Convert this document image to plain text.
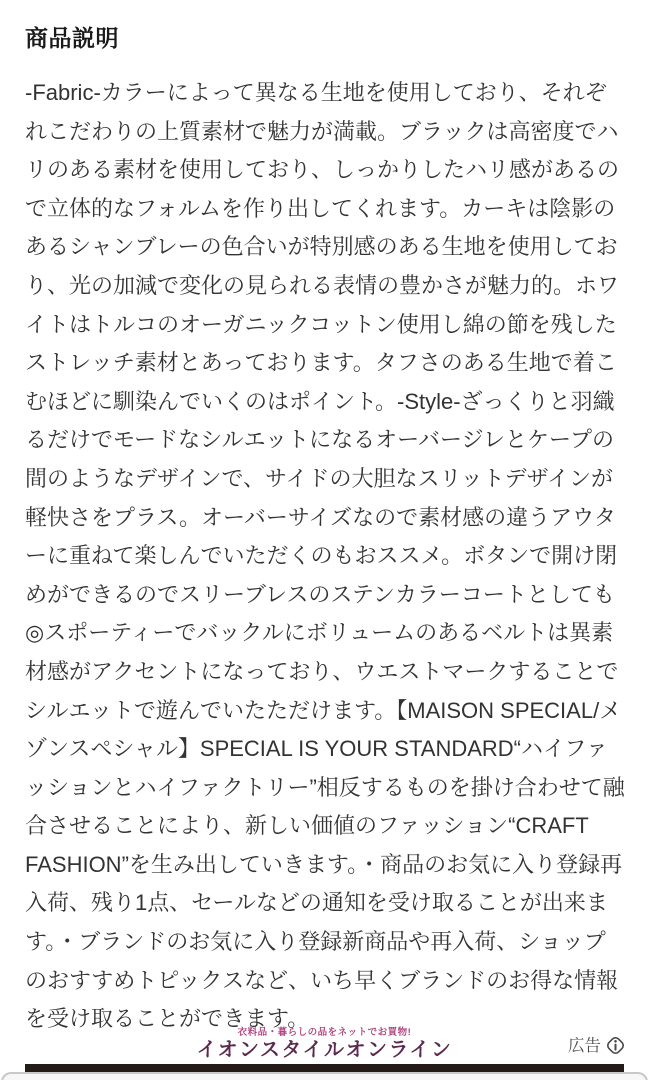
商品説明

-Fabric-カラーによって異なる生地を使用しており、それぞれこだわりの上質素材で魅力が満載。ブラックは高密度でハリのある素材を使用しており、しっかりしたハリ感があるので立体的なフォルムを作り出してくれます。カーキは陰影のあるシャンブレーの色合いが特別感のある生地を使用しており、光の加減で変化の見られる表情の豊かさが魅力的。ホワイトはトルコのオーガニックコットン使用し綿の節を残したストレッチ素材とあっております。タフさのある生地で着こむほどに馴染んでいくのはポイント。-Style-ざっくりと羽織るだけでモードなシルエットになるオーバージレとケープの間のようなデザインで、サイドの大胆なスリットデザインが軽快さをプラス。オーバーサイズなので素材感の違うアウターに重ねて楽しんでいただくのもおススメ。ボタンで開け閉めができるのでスリーブレスのステンカラーコートとしても◎スポーティーでバックルにボリュームのあるベルトは異素材感がアクセントになっており、ウエストマークすることでシルエットで遊んでいたただけます。【MAISON SPECIAL/メゾンスペシャル】SPECIAL IS YOUR STANDARD“ハイファッションとハイファクトリー”相反するものを掛け合わせて融合させることにより、新しい価値のファッション“CRAFT FASHION”を生み出していきます。・商品のお気に入り登録再入荷、残り1点、セールなどの通知を受け取ることが出来ます。・ブランドのお気に入り登録新商品や再入荷、ショップのおすすめトピックスなど、いち早くブランドのお得な情報を受け取ることができます。

衣料品・暮らしの品をネットでお買物!
イオンスタイルオンライン	広告
